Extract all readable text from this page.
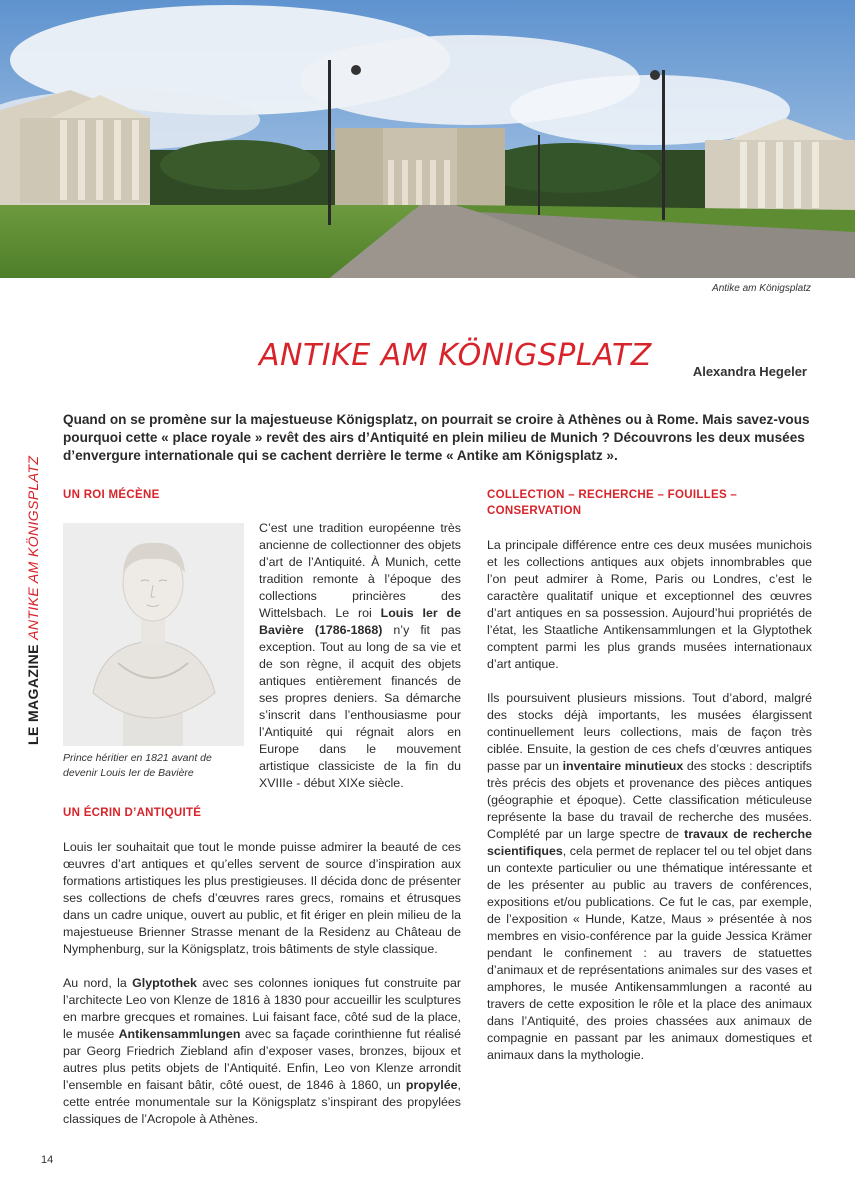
Antike am Königsplatz
ANTIKE AM KÖNIGSPLATZ	Alexandra Hegeler
Quand on se promène sur la majestueuse Königsplatz, on pourrait se croire à Athènes ou à Rome. Mais savez-vous pourquoi cette « place royale » revêt des airs d’Antiquité en plein milieu de Munich ? Découvrons les deux musées d’envergure internationale qui se cachent derrière le terme « Antike am Königsplatz ».
LE MAGAZINE ANTIKE AM KÖNIGSPLATZ UN ROI MÉCÈNE
Prince héritier en 1821 avant de devenir Louis Ier de Bavière

C’est une tradition européenne très ancienne de collectionner des objets d’art de l’Antiquité. À Munich, cette tradition remonte à l’époque des collections princières des Wittelsbach. Le roi Louis Ier de Bavière (1786-1868) n’y fit pas exception. Tout au long de sa vie et de son règne, il acquit des objets antiques entièrement financés de ses propres deniers. Sa démarche s’inscrit dans l’enthousiasme pour l’Antiquité qui régnait alors en Europe dans le mouvement artistique classiciste de la fin du XVIIIe - début XIXe siècle.

UN ÉCRIN D’ANTIQUITÉ

Louis Ier souhaitait que tout le monde puisse admirer la beauté de ces œuvres d’art antiques et qu’elles servent de source d’inspiration aux formations artistiques les plus prestigieuses. Il décida donc de présenter ses collections de chefs d’œuvres rares grecs, romains et étrusques dans un cadre unique, ouvert au public, et fit ériger en plein milieu de la majestueuse Brienner Strasse menant de la Residenz au Château de Nymphenburg, sur la Königsplatz, trois bâtiments de style classique.

Au nord, la Glyptothek avec ses colonnes ioniques fut construite par l’architecte Leo von Klenze de 1816 à 1830 pour accueillir les sculptures en marbre grecques et romaines. Lui faisant face, côté sud de la place, le musée Antikensammlungen avec sa façade corinthienne fut réalisé par Georg Friedrich Ziebland afin d’exposer vases, bronzes, bijoux et autres plus petits objets de l’Antiquité. Enfin, Leo von Klenze arrondit l’ensemble en faisant bâtir, côté ouest, de 1846 à 1860, un propylée, cette entrée monumentale sur la Königsplatz s’inspirant des propylées classiques de l’Acropole à Athènes.

COLLECTION – RECHERCHE – FOUILLES – CONSERVATION

La principale différence entre ces deux musées munichois et les collections antiques aux objets innombrables que l’on peut admirer à Rome, Paris ou Londres, c’est le caractère qualitatif unique et exceptionnel des œuvres d’art antiques en sa possession. Aujourd’hui propriétés de l’état, les Staatliche Antikensammlungen et la Glyptothek comptent parmi les plus grands musées internationaux d’art antique.

Ils poursuivent plusieurs missions. Tout d’abord, malgré des stocks déjà importants, les musées élargissent continuellement leurs collections, mais de façon très ciblée. Ensuite, la gestion de ces chefs d’œuvres antiques passe par un inventaire minutieux des stocks : descriptifs très précis des objets et provenance des pièces antiques (géographie et époque). Cette classification méticuleuse représente la base du travail de recherche des musées. Complété par un large spectre de travaux de recherche scientifiques, cela permet de replacer tel ou tel objet dans un contexte particulier ou une thématique intéressante et de les présenter au public au travers de conférences, expositions et/ou publications. Ce fut le cas, par exemple, de l’exposition « Hunde, Katze, Maus » présentée à nos membres en visio-conférence par la guide Jessica Krämer pendant le confinement : au travers de statuettes d’animaux et de représentations animales sur des vases et amphores, le musée Antikensammlungen a raconté au travers de cette exposition le rôle et la place des animaux dans l’Antiquité, des proies chassées aux animaux de compagnie en passant par les animaux domestiques et animaux dans la mythologie.

14
